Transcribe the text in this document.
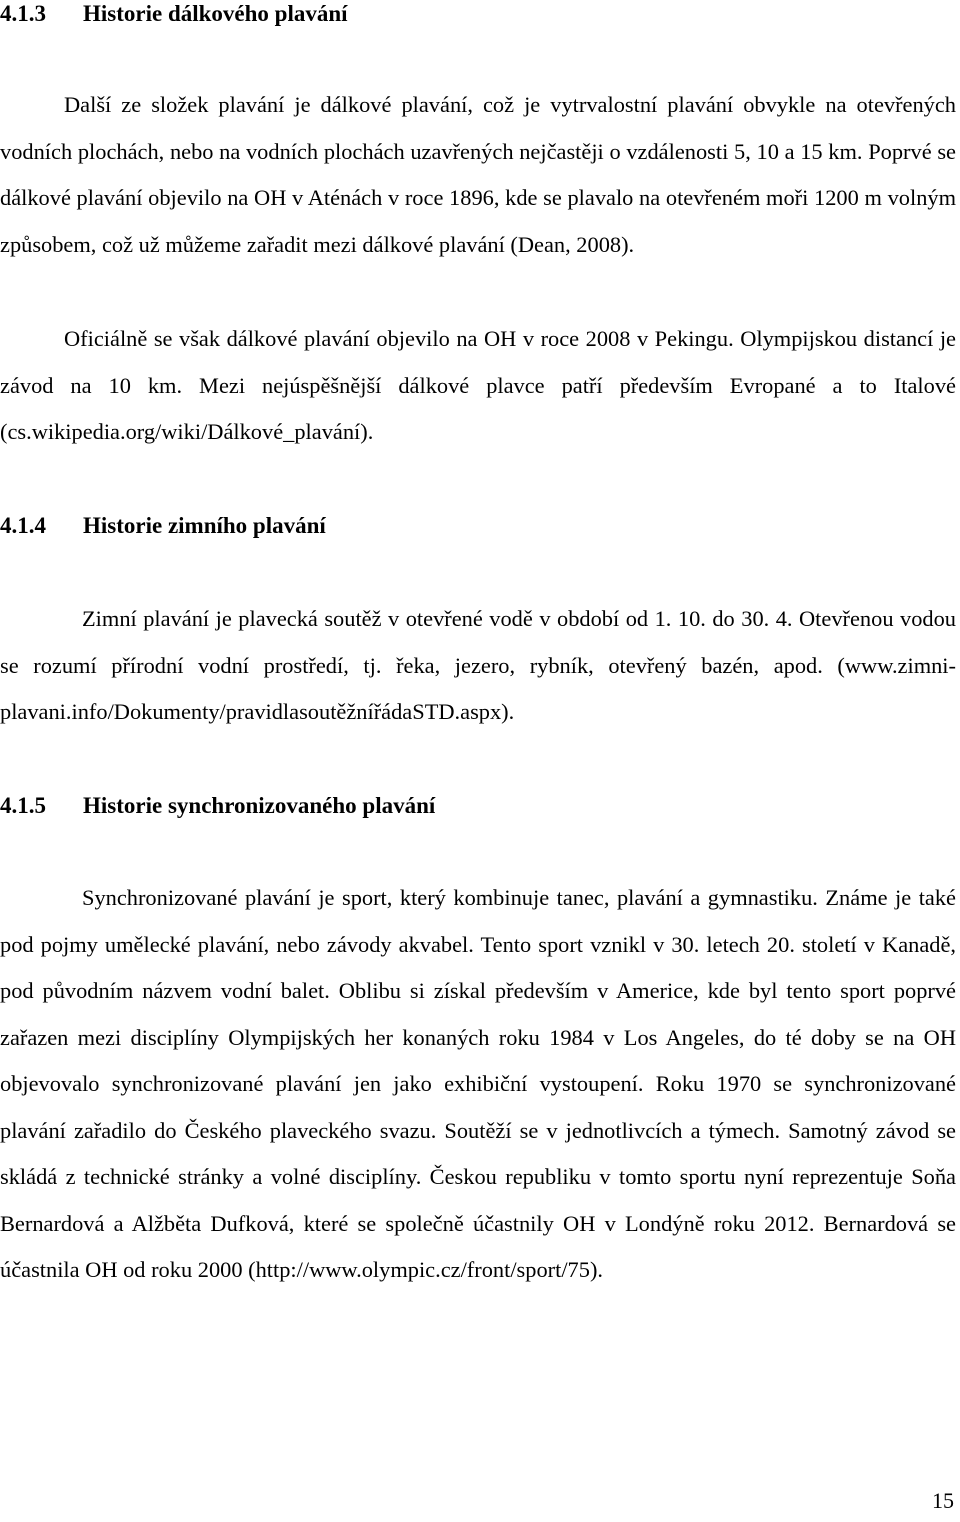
4.1.3 Historie dálkového plavání
Další ze složek plavání je dálkové plavání, což je vytrvalostní plavání obvykle na otevřených vodních plochách, nebo na vodních plochách uzavřených nejčastěji o vzdálenosti 5, 10 a 15 km. Poprvé se dálkové plavání objevilo na OH v Aténách v roce 1896, kde se plavalo na otevřeném moři 1200 m volným způsobem, což už můžeme zařadit mezi dálkové plavání (Dean, 2008).
Oficiálně se však dálkové plavání objevilo na OH v roce 2008 v Pekingu. Olympijskou distancí je závod na 10 km. Mezi nejúspěšnější dálkové plavce patří především Evropané a to Italové (cs.wikipedia.org/wiki/Dálkové_plavání).
4.1.4 Historie zimního plavání
Zimní plavání je plavecká soutěž v otevřené vodě v období od 1. 10. do 30. 4. Otevřenou vodou se rozumí přírodní vodní prostředí, tj. řeka, jezero, rybník, otevřený bazén, apod. (www.zimni-plavani.info/Dokumenty/pravidlasoutěžnířádaSTD.aspx).
4.1.5 Historie synchronizovaného plavání
Synchronizované plavání je sport, který kombinuje tanec, plavání a gymnastiku. Známe je také pod pojmy umělecké plavání, nebo závody akvabel. Tento sport vznikl v 30. letech 20. století v Kanadě, pod původním názvem vodní balet. Oblibu si získal především v Americe, kde byl tento sport poprvé zařazen mezi disciplíny Olympijských her konaných roku 1984 v Los Angeles, do té doby se na OH objevovalo synchronizované plavání jen jako exhibiční vystoupení. Roku 1970 se synchronizované plavání zařadilo do Českého plaveckého svazu. Soutěží se v jednotlivcích a týmech. Samotný závod se skládá z technické stránky a volné disciplíny. Českou republiku v tomto sportu nyní reprezentuje Soňa Bernardová a Alžběta Dufková, které se společně účastnily OH v Londýně roku 2012. Bernardová se účastnila OH od roku 2000 (http://www.olympic.cz/front/sport/75).
15
